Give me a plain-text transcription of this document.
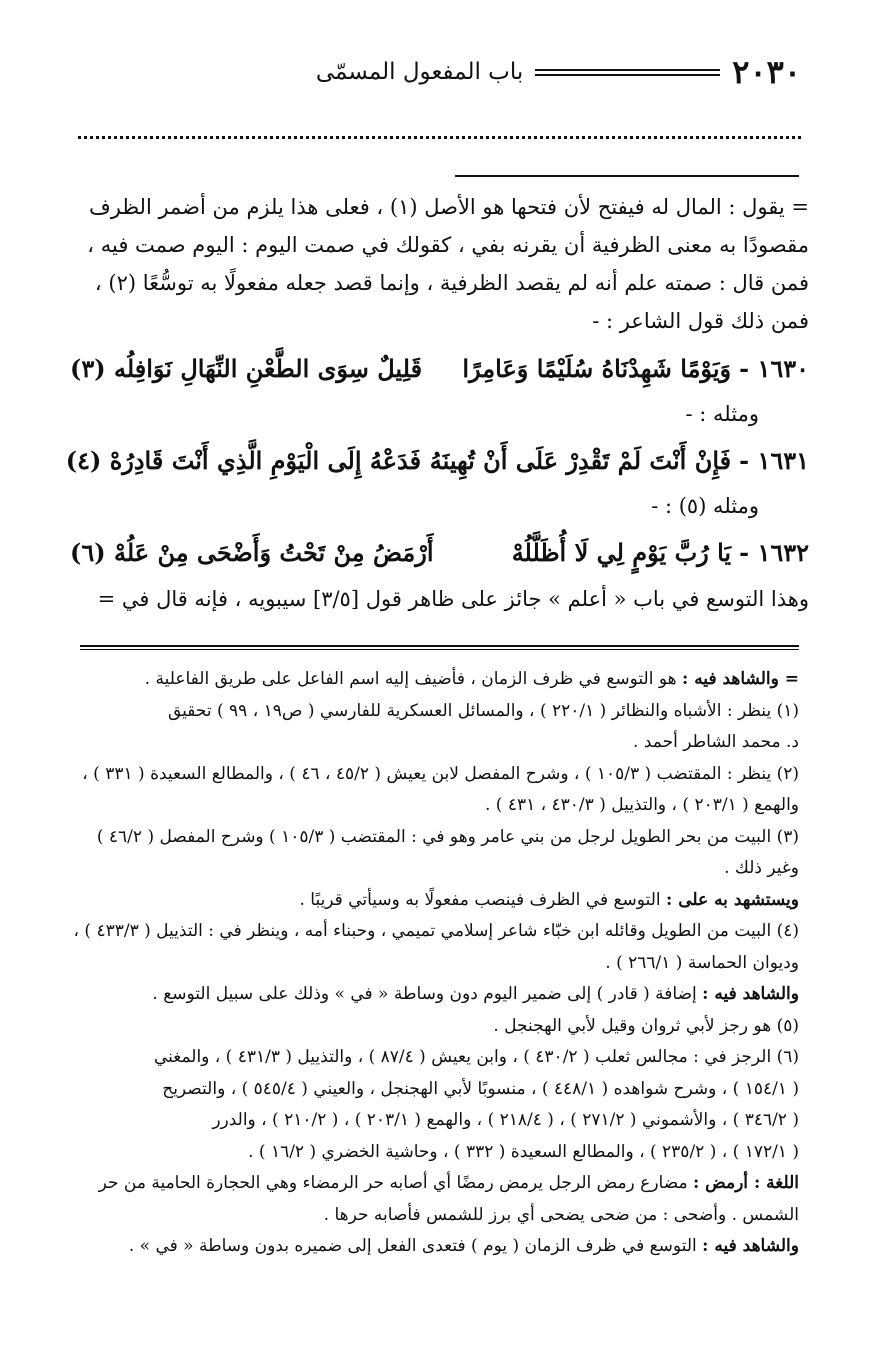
٢٠٣٠
باب المفعول المسمّى
= يقول : المال له فيفتح لأن فتحها هو الأصل (١) ، فعلى هذا يلزم من أضمر الظرف
مقصودًا به معنى الظرفية أن يقرنه بفي ، كقولك في صمت اليوم : اليوم صمت فيه ،
فمن قال : صمته علم أنه لم يقصد الظرفية ، وإنما قصد جعله مفعولًا به توسُّعًا (٢) ،
فمن ذلك قول الشاعر : -
١٦٣٠ -
وَيَوْمًا شَهِدْنَاهُ سُلَيْمًا وَعَامِرًا
قَلِيلٌ سِوَى الطَّعْنِ النِّهَالِ نَوَافِلُه (٣)
ومثله : -
١٦٣١ -
فَإِنْ أَنْتَ لَمْ تَقْدِرْ عَلَى أَنْ تُهِينَهُ
فَدَعْهُ إِلَى الْيَوْمِ الَّذِي أَنْتَ قَادِرُهْ (٤)
ومثله (٥) : -
١٦٣٢ -
يَا رُبَّ يَوْمٍ لِي لَا أُظَلَّلُهْ
أَرْمَضُ مِنْ تَحْتُ وَأَضْحَى مِنْ عَلُهْ (٦)
وهذا التوسع في باب « أعلم » جائز على ظاهر قول [٣/٥] سيبويه ، فإنه قال في =
= والشاهد فيه : هو التوسع في ظرف الزمان ، فأضيف إليه اسم الفاعل على طريق الفاعلية .
(١) ينظر : الأشباه والنظائر ( ٢٢٠/١ ) ، والمسائل العسكرية للفارسي ( ص١٩ ، ٩٩ ) تحقيق
د. محمد الشاطر أحمد .
(٢) ينظر : المقتضب ( ١٠٥/٣ ) ، وشرح المفصل لابن يعيش ( ٤٥/٢ ، ٤٦ ) ، والمطالع السعيدة ( ٣٣١ ) ،
والهمع ( ٢٠٣/١ ) ، والتذييل ( ٤٣٠/٣ ، ٤٣١ ) .
(٣) البيت من بحر الطويل لرجل من بني عامر وهو في : المقتضب ( ١٠٥/٣ ) وشرح المفصل ( ٤٦/٢ )
وغير ذلك .
ويستشهد به على : التوسع في الظرف فينصب مفعولًا به وسيأتي قريبًا .
(٤) البيت من الطويل وقائله ابن خبّاء شاعر إسلامي تميمي ، وحبناء أمه ، وينظر في : التذييل ( ٤٣٣/٣ ) ،
وديوان الحماسة ( ٢٦٦/١ ) .
والشاهد فيه : إضافة ( قادر ) إلى ضمير اليوم دون وساطة « في » وذلك على سبيل التوسع .
(٥) هو رجز لأبي ثروان وقيل لأبي الهجنجل .
(٦) الرجز في : مجالس ثعلب ( ٤٣٠/٢ ) ، وابن يعيش ( ٨٧/٤ ) ، والتذييل ( ٤٣١/٣ ) ، والمغني
( ١٥٤/١ ) ، وشرح شواهده ( ٤٤٨/١ ) ، منسوبًا لأبي الهجنجل ، والعيني ( ٥٤٥/٤ ) ، والتصريح
( ٣٤٦/٢ ) ، والأشموني ( ٢٧١/٢ ) ، ( ٢١٨/٤ ) ، والهمع ( ٢٠٣/١ ) ، ( ٢١٠/٢ ) ، والدرر
( ١٧٢/١ ) ، ( ٢٣٥/٢ ) ، والمطالع السعيدة ( ٣٣٢ ) ، وحاشية الخضري ( ١٦/٢ ) .
اللغة : أرمض : مضارع رمض الرجل يرمض رمضًا أي أصابه حر الرمضاء وهي الحجارة الحامية من حر
الشمس . وأضحى : من ضحى يضحى أي برز للشمس فأصابه حرها .
والشاهد فيه : التوسع في ظرف الزمان ( يوم ) فتعدى الفعل إلى ضميره بدون وساطة « في » .
